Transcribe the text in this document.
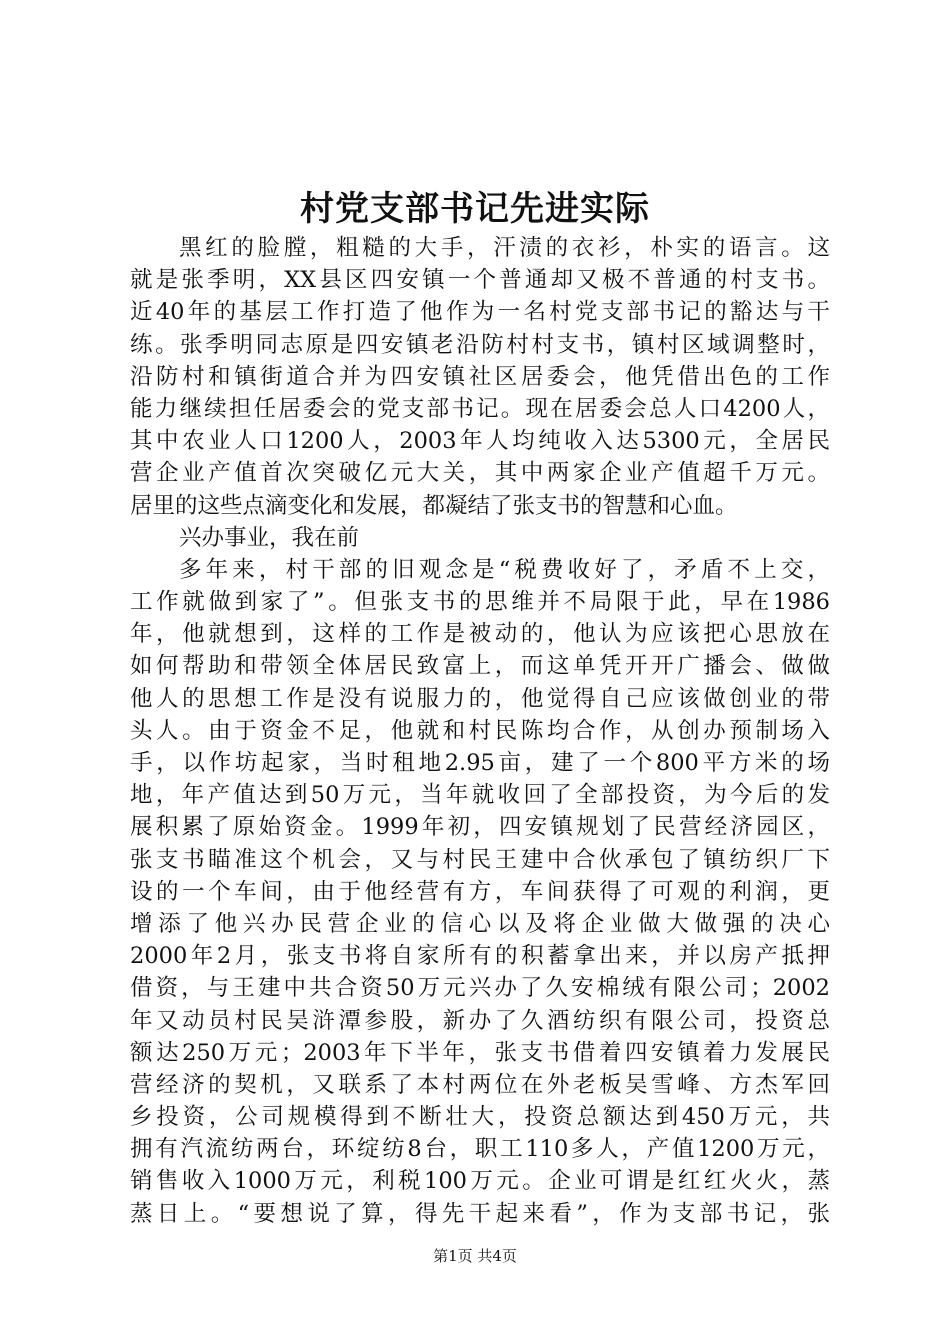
村党支部书记先进实际
黑红的脸膛，粗糙的大手，汗渍的衣衫，朴实的语言。这
就是张季明，XX县区四安镇一个普通却又极不普通的村支书。
近40年的基层工作打造了他作为一名村党支部书记的豁达与干
练。张季明同志原是四安镇老沿防村村支书，镇村区域调整时，
沿防村和镇街道合并为四安镇社区居委会，他凭借出色的工作
能力继续担任居委会的党支部书记。现在居委会总人口4200人，
其中农业人口1200人，2003年人均纯收入达5300元，全居民
营企业产值首次突破亿元大关，其中两家企业产值超千万元。
居里的这些点滴变化和发展，都凝结了张支书的智慧和心血。
兴办事业，我在前
多年来，村干部的旧观念是“税费收好了，矛盾不上交，
工作就做到家了”。但张支书的思维并不局限于此，早在1986
年，他就想到，这样的工作是被动的，他认为应该把心思放在
如何帮助和带领全体居民致富上，而这单凭开开广播会、做做
他人的思想工作是没有说服力的，他觉得自己应该做创业的带
头人。由于资金不足，他就和村民陈均合作，从创办预制场入
手，以作坊起家，当时租地2.95亩，建了一个800平方米的场
地，年产值达到50万元，当年就收回了全部投资，为今后的发
展积累了原始资金。1999年初，四安镇规划了民营经济园区，
张支书瞄准这个机会，又与村民王建中合伙承包了镇纺织厂下
设的一个车间，由于他经营有方，车间获得了可观的利润，更
增添了他兴办民营企业的信心以及将企业做大做强的决心
2000年2月，张支书将自家所有的积蓄拿出来，并以房产抵押
借资，与王建中共合资50万元兴办了久安棉绒有限公司；2002
年又动员村民吴浒潭参股，新办了久酒纺织有限公司，投资总
额达250万元；2003年下半年，张支书借着四安镇着力发展民
营经济的契机，又联系了本村两位在外老板吴雪峰、方杰军回
乡投资，公司规模得到不断壮大，投资总额达到450万元，共
拥有汽流纺两台，环绽纺8台，职工110多人，产值1200万元，
销售收入1000万元，利税100万元。企业可谓是红红火火，蒸
蒸日上。“要想说了算，得先干起来看”，作为支部书记，张
第1页 共4页
